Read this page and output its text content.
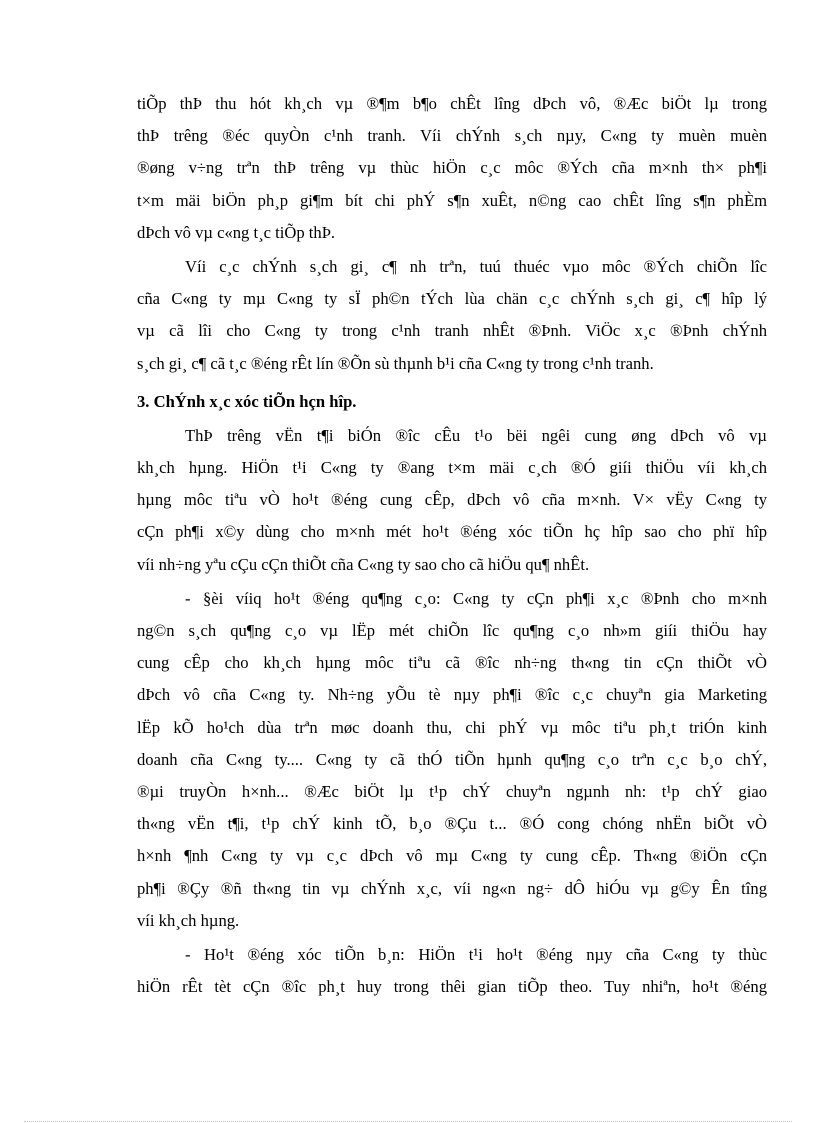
tiÕp thÞ thu hót kh¸ch vµ ®¶m b¶o chÊt lîng dÞch vô, ®Æc biÖt lµ trong
thÞ trêng ®éc quyÒn c¹nh tranh. Víi chÝnh s¸ch nµy, C«ng ty muèn muèn
®øng v÷ng trªn thÞ trêng vµ thùc hiÖn c¸c môc ®Ých cña m×nh th× ph¶i
t×m mäi biÖn ph¸p gi¶m bít chi phÝ s¶n xuÊt, n©ng cao chÊt lîng s¶n phÈm
dÞch vô vµ c«ng t¸c tiÕp thÞ.

Víi c¸c chÝnh s¸ch gi¸ c¶ nh trªn, tuú thuéc vµo môc ®Ých chiÕn lîc
cña C«ng ty mµ C«ng ty sÏ ph©n tÝch lùa chän c¸c chÝnh s¸ch gi¸ c¶ hîp lý
vµ cã lîi cho C«ng ty trong c¹nh tranh nhÊt ®Þnh. ViÖc x¸c ®Þnh chÝnh
s¸ch gi¸ c¶ cã t¸c ®éng rÊt lín ®Õn sù thµnh b¹i cña C«ng ty trong c¹nh tranh.

3. ChÝnh x¸c xóc tiÕn hçn hîp.

ThÞ trêng vËn t¶i biÓn ®îc cÊu t¹o bëi ngêi cung øng dÞch vô vµ
kh¸ch hµng. HiÖn t¹i C«ng ty ®ang t×m mäi c¸ch ®Ó giíi thiÖu víi kh¸ch
hµng môc tiªu vÒ ho¹t ®éng cung cÊp, dÞch vô cña m×nh. V× vËy C«ng ty
cÇn ph¶i x©y dùng cho m×nh mét ho¹t ®éng xóc tiÕn hç hîp sao cho phï hîp
víi nh÷ng yªu cÇu cÇn thiÕt cña C«ng ty sao cho cã hiÖu qu¶ nhÊt.

- §èi víiq ho¹t ®éng qu¶ng c¸o: C«ng ty cÇn ph¶i x¸c ®Þnh cho m×nh
ng©n s¸ch qu¶ng c¸o vµ lËp mét chiÕn lîc qu¶ng c¸o nh»m giíi thiÖu hay
cung cÊp cho kh¸ch hµng môc tiªu cã ®îc nh÷ng th«ng tin cÇn thiÕt vÒ
dÞch vô cña C«ng ty. Nh÷ng yÕu tè nµy ph¶i ®îc c¸c chuyªn gia Marketing
lËp kÕ ho¹ch dùa trªn møc doanh thu, chi phÝ vµ môc tiªu ph¸t triÓn kinh
doanh cña C«ng ty.... C«ng ty cã thÓ tiÕn hµnh qu¶ng c¸o trªn c¸c b¸o chÝ,
®µi truyÒn h×nh... ®Æc biÖt lµ t¹p chÝ chuyªn ngµnh nh: t¹p chÝ giao
th«ng vËn t¶i, t¹p chÝ kinh tÕ, b¸o ®Çu t... ®Ó cong chóng nhËn biÕt vÒ
h×nh ¶nh C«ng ty vµ c¸c dÞch vô mµ C«ng ty cung cÊp. Th«ng ®iÖn cÇn
ph¶i ®Çy ®ñ th«ng tin vµ chÝnh x¸c, víi ng«n ng÷ dÔ hiÓu vµ g©y Ên tîng
víi kh¸ch hµng.

- Ho¹t ®éng xóc tiÕn b¸n: HiÖn t¹i ho¹t ®éng nµy cña C«ng ty thùc
hiÖn rÊt tèt cÇn ®îc ph¸t huy trong thêi gian tiÕp theo. Tuy nhiªn, ho¹t ®éng
